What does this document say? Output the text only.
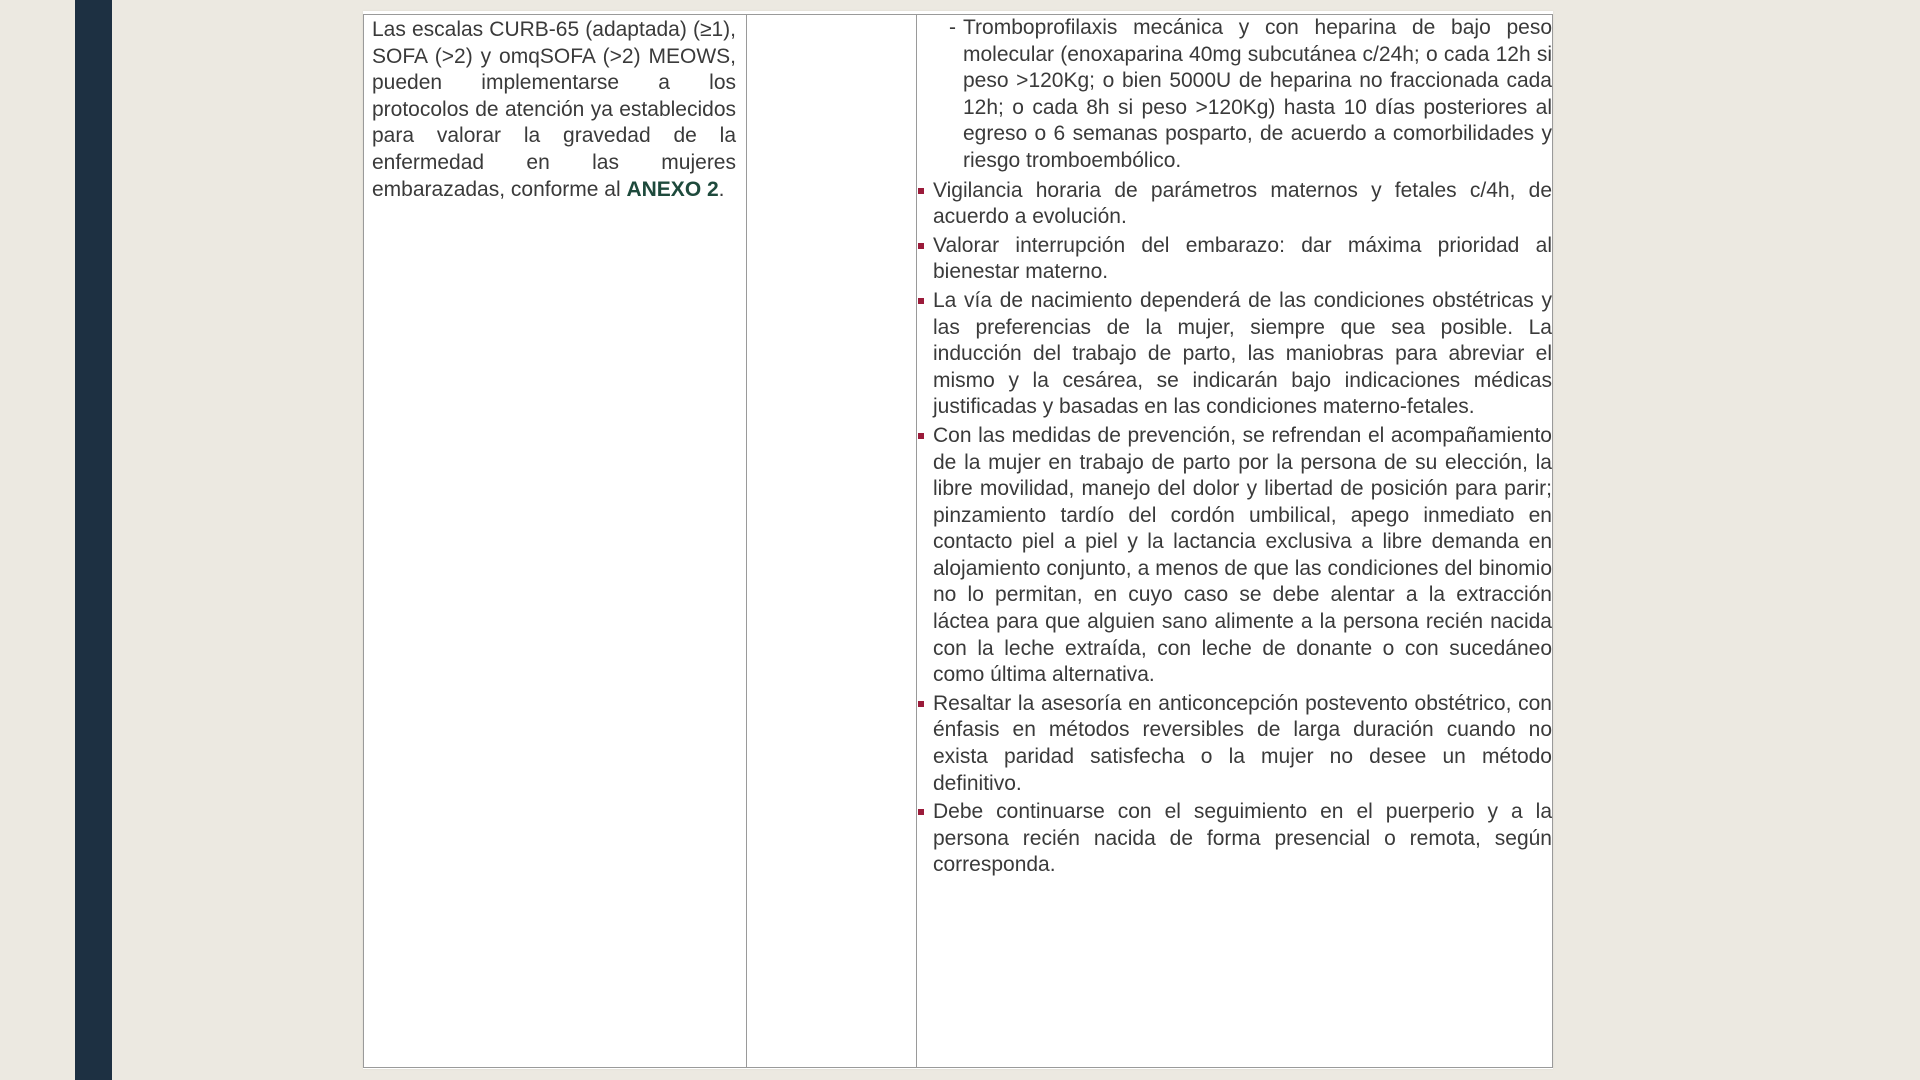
Las escalas CURB-65 (adaptada) (≥1), SOFA (>2) y omqSOFA (>2) MEOWS, pueden implementarse a los protocolos de atención ya establecidos para valorar la gravedad de la enfermedad en las mujeres embarazadas, conforme al ANEXO 2.

- Tromboprofilaxis mecánica y con heparina de bajo peso molecular (enoxaparina 40mg subcutánea c/24h; o cada 12h si peso >120Kg; o bien 5000U de heparina no fraccionada cada 12h; o cada 8h si peso >120Kg) hasta 10 días posteriores al egreso o 6 semanas posparto, de acuerdo a comorbilidades y riesgo tromboembólico.
Vigilancia horaria de parámetros maternos y fetales c/4h, de acuerdo a evolución.
Valorar interrupción del embarazo: dar máxima prioridad al bienestar materno.
La vía de nacimiento dependerá de las condiciones obstétricas y las preferencias de la mujer, siempre que sea posible. La inducción del trabajo de parto, las maniobras para abreviar el mismo y la cesárea, se indicarán bajo indicaciones médicas justificadas y basadas en las condiciones materno-fetales.
Con las medidas de prevención, se refrendan el acompañamiento de la mujer en trabajo de parto por la persona de su elección, la libre movilidad, manejo del dolor y libertad de posición para parir; pinzamiento tardío del cordón umbilical, apego inmediato en contacto piel a piel y la lactancia exclusiva a libre demanda en alojamiento conjunto, a menos de que las condiciones del binomio no lo permitan, en cuyo caso se debe alentar a la extracción láctea para que alguien sano alimente a la persona recién nacida con la leche extraída, con leche de donante o con sucedáneo como última alternativa.
Resaltar la asesoría en anticoncepción postevento obstétrico, con énfasis en métodos reversibles de larga duración cuando no exista paridad satisfecha o la mujer no desee un método definitivo.
Debe continuarse con el seguimiento en el puerperio y a la persona recién nacida de forma presencial o remota, según corresponda.
